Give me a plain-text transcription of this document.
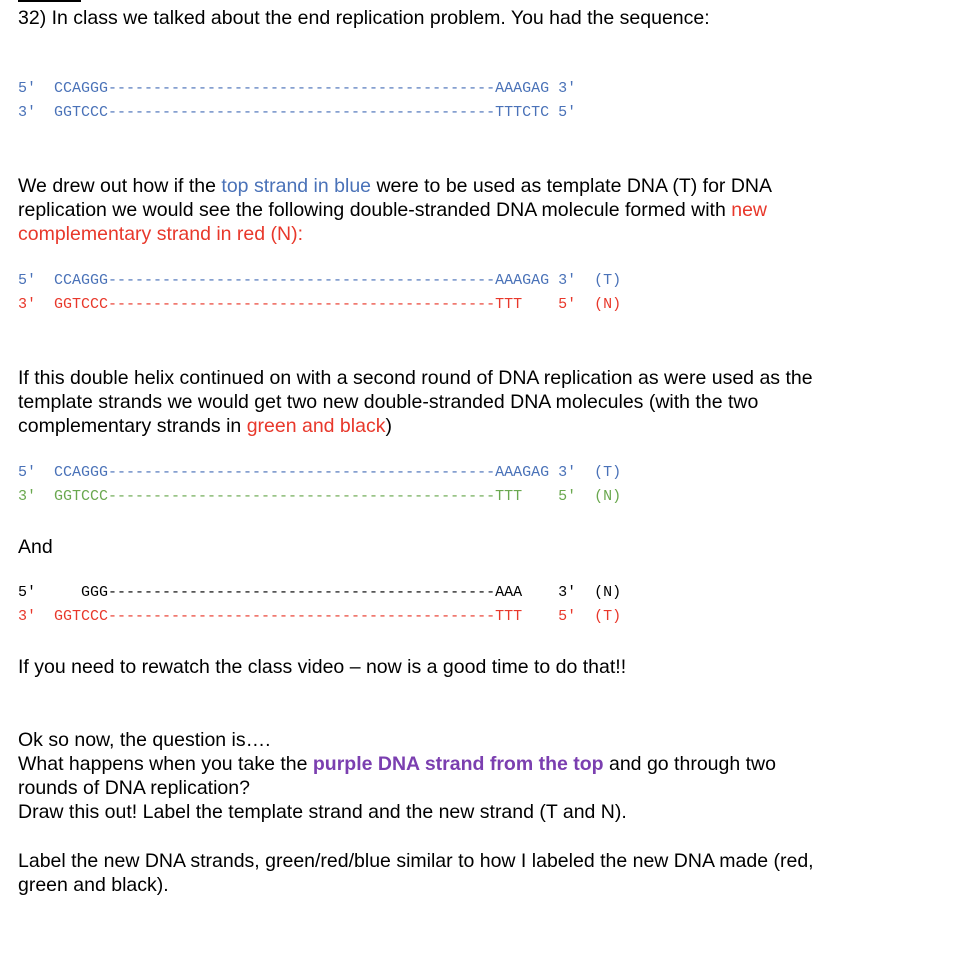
32) In class we talked about the end replication problem. You had the sequence:
5′  CCAGGG-------------------------------------------AAAGAG 3′
3′  GGTCCC-------------------------------------------TTTCTC 5′
We drew out how if the top strand in blue were to be used as template DNA (T) for DNA
replication we would see the following double-stranded DNA molecule formed with new
complementary strand in red (N):
5′  CCAGGG-------------------------------------------AAAGAG 3′  (T)
3′  GGTCCC-------------------------------------------TTT    5′  (N)
If this double helix continued on with a second round of DNA replication as were used as the
template strands we would get two new double-stranded DNA molecules (with the two
complementary strands in green and black)
5′  CCAGGG-------------------------------------------AAAGAG 3′  (T)
3′  GGTCCC-------------------------------------------TTT    5′  (N)
And
5′     GGG-------------------------------------------AAA    3′  (N)
3′  GGTCCC-------------------------------------------TTT    5′  (T)
If you need to rewatch the class video – now is a good time to do that!!
Ok so now, the question is….
What happens when you take the purple DNA strand from the top and go through two
rounds of DNA replication?
Draw this out! Label the template strand and the new strand (T and N).
Label the new DNA strands, green/red/blue similar to how I labeled the new DNA made (red,
green and black).
